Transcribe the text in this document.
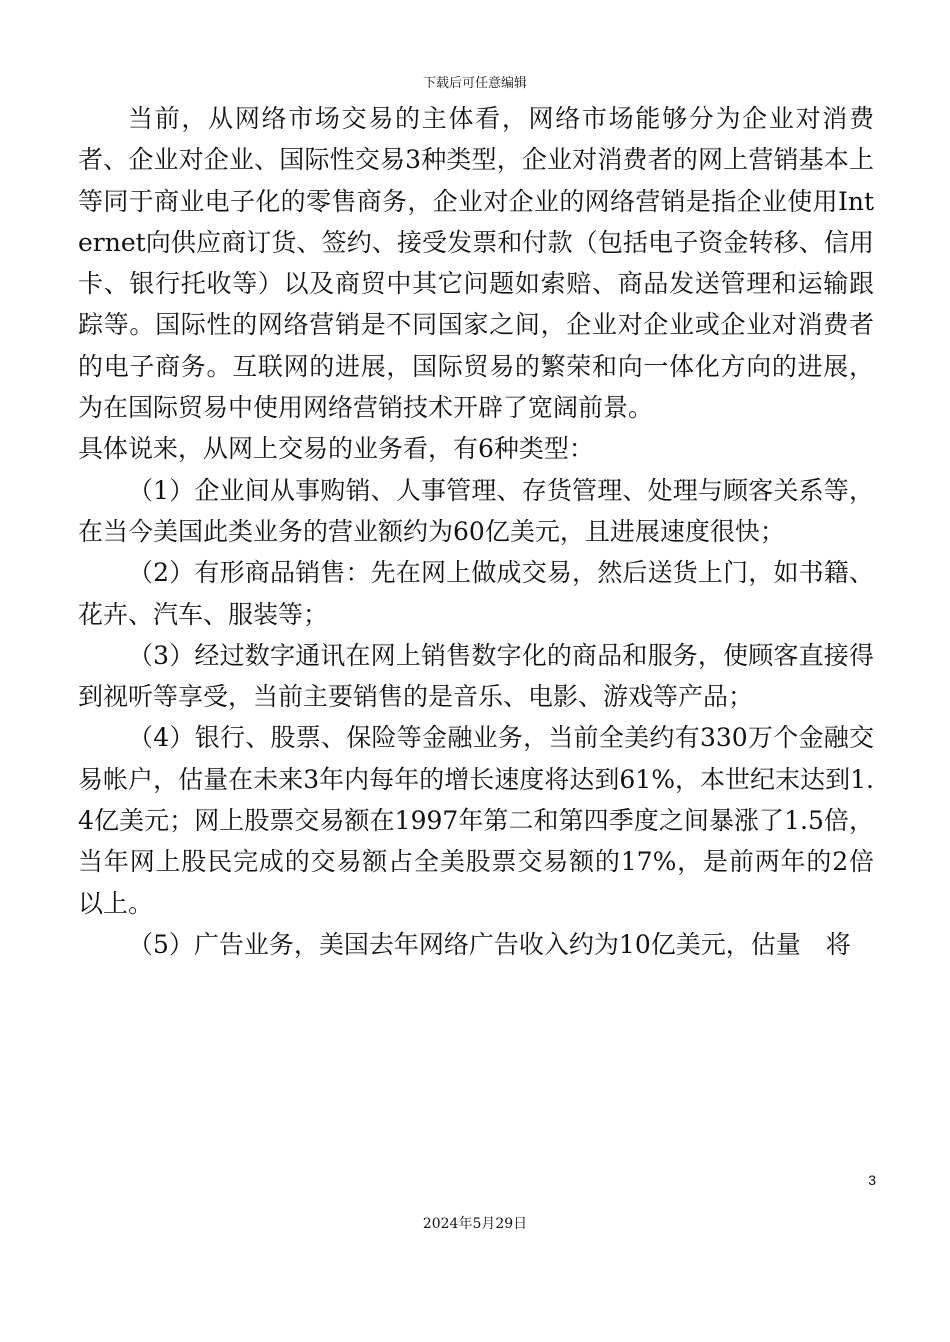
下载后可任意编辑

当前，从网络市场交易的主体看，网络市场能够分为企业对消费者、企业对企业、国际性交易3种类型，企业对消费者的网上营销基本上等同于商业电子化的零售商务，企业对企业的网络营销是指企业使用Internet向供应商订货、签约、接受发票和付款（包括电子资金转移、信用卡、银行托收等）以及商贸中其它问题如索赔、商品发送管理和运输跟踪等。国际性的网络营销是不同国家之间，企业对企业或企业对消费者的电子商务。互联网的进展，国际贸易的繁荣和向一体化方向的进展，为在国际贸易中使用网络营销技术开辟了宽阔前景。

具体说来，从网上交易的业务看，有6种类型：

（1）企业间从事购销、人事管理、存货管理、处理与顾客关系等，在当今美国此类业务的营业额约为60亿美元，且进展速度很快；

（2）有形商品销售：先在网上做成交易，然后送货上门，如书籍、花卉、汽车、服装等；

（3）经过数字通讯在网上销售数字化的商品和服务，使顾客直接得到视听等享受，当前主要销售的是音乐、电影、游戏等产品；

（4）银行、股票、保险等金融业务，当前全美约有330万个金融交易帐户，估量在未来3年内每年的增长速度将达到61%，本世纪末达到1.4亿美元；网上股票交易额在1997年第二和第四季度之间暴涨了1.5倍，当年网上股民完成的交易额占全美股票交易额的17%，是前两年的2倍以上。

（5）广告业务，美国去年网络广告收入约为10亿美元，估量　将

3
2024年5月29日
